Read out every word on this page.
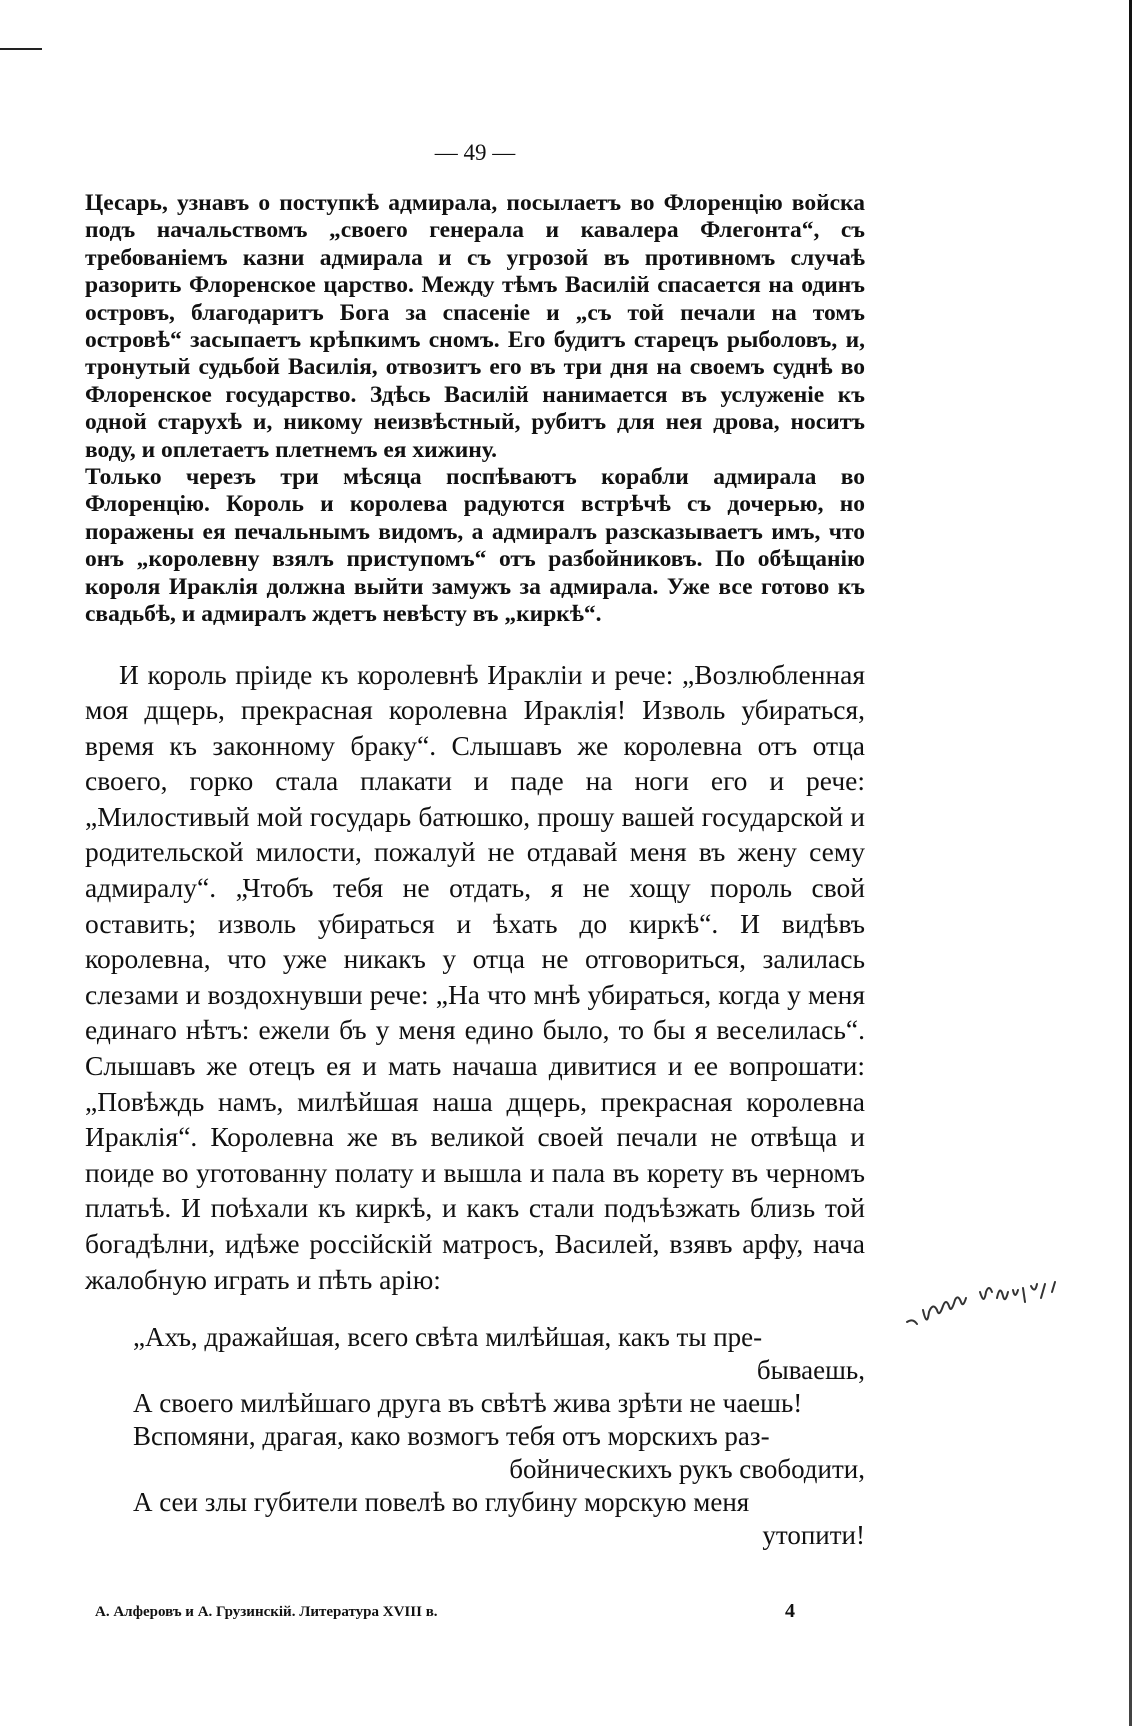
— 49 —

Цесарь, узнавъ о поступкѣ адмирала, посылаетъ во Флоренцію войска подъ начальствомъ „своего генерала и кавалера Флегонта“, съ требованіемъ казни адмирала и съ угрозой въ противномъ случаѣ разорить Флоренское царство. Между тѣмъ Василій спасается на одинъ островъ, благодаритъ Бога за спасеніе и „съ той печали на томъ островѣ“ засыпаетъ крѣпкимъ сномъ. Его будитъ старецъ рыболовъ, и, тронутый судьбой Василія, отвозитъ его въ три дня на своемъ суднѣ во Флоренское государство. Здѣсь Василій нанимается въ услуженіе къ одной старухѣ и, никому неизвѣстный, рубитъ для нея дрова, носитъ воду, и оплетаетъ плетнемъ ея хижину.

Только черезъ три мѣсяца поспѣваютъ корабли адмирала во Флоренцію. Король и королева радуются встрѣчѣ съ дочерью, но поражены ея печальнымъ видомъ, а адмиралъ разсказываетъ имъ, что онъ „королевну взялъ приступомъ“ отъ разбойниковъ. По обѣщанію короля Ираклія должна выйти замужъ за адмирала. Уже все готово къ свадьбѣ, и адмиралъ ждетъ невѣсту въ „киркѣ“.

И король пріиде къ королевнѣ Ираклiи и рече: „Возлюбленная моя дщерь, прекрасная королевна Ираклія! Изволь убираться, время къ законному браку“. Слышавъ же королевна отъ отца своего, горко стала плакати и паде на ноги его и рече: „Милостивый мой государь батюшко, прошу вашей государской и родительской милости, пожалуй не отдавай меня въ жену сему адмиралу“. „Чтобъ тебя не отдать, я не хощу пороль свой оставить; изволь убираться и ѣхать до киркѣ“. И видѣвъ королевна, что уже никакъ у отца не отговориться, залилась слезами и воздохнувши рече: „На что мнѣ убираться, когда у меня единаго нѣтъ: ежели бъ у меня едино было, то бы я веселилась“. Слышавъ же отецъ ея и мать начаша дивитися и ее вопрошати: „Повѣждь намъ, милѣйшая наша дщерь, прекрасная королевна Ираклія“. Королевна же въ великой своей печали не отвѣща и поиде во уготованну полату и вышла и пала въ корету въ черномъ платьѣ. И поѣхали къ киркѣ, и какъ стали подъѣзжать близь той богадѣлни, идѣже россійскій матросъ, Василей, взявъ арфу, нача жалобную играть и пѣть арію:

„Ахъ, дражайшая, всего свѣта милѣйшая, какъ ты пре-
бываешь,

А своего милѣйшаго друга въ свѣтѣ жива зрѣти не чаешь!

Вспомяни, драгая, како возмогъ тебя отъ морскихъ раз-
бойническихъ рукъ свободити,

А сеи злы губители повелѣ во глубину морскую меня
утопити!

А. Алферовъ и А. Грузинскій. Литература XVIII в.	4
